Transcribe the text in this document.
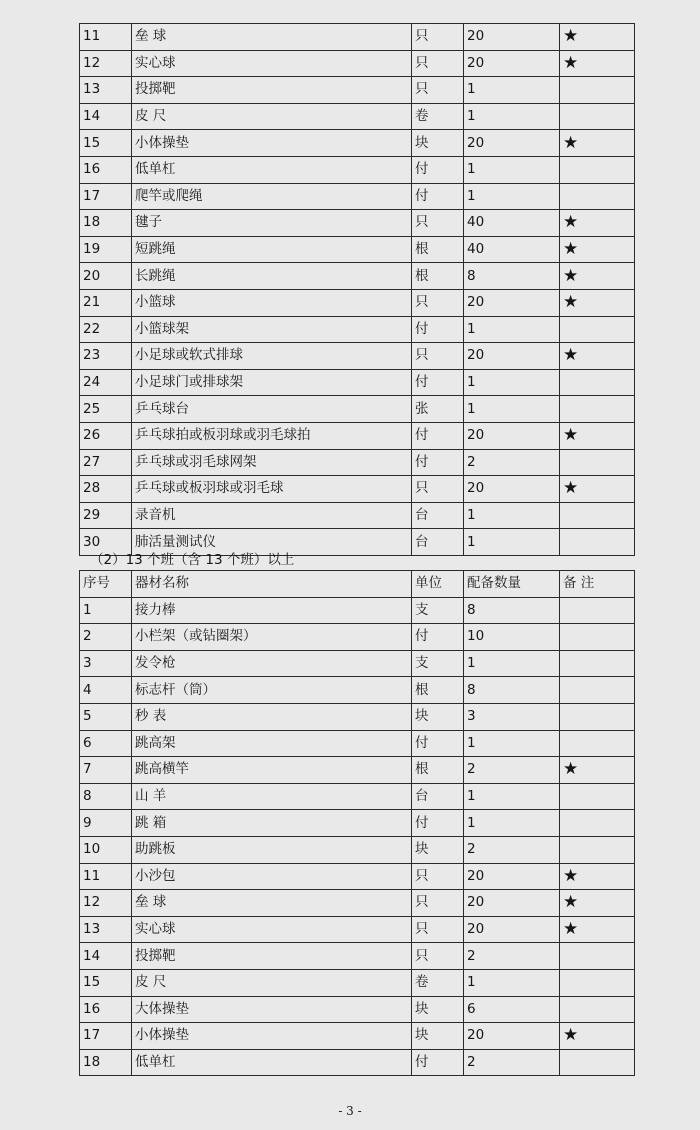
11	垒 球	只	20	★
12	实心球	只	20	★
13	投掷靶	只	1	
14	皮 尺	卷	1	
15	小体操垫	块	20	★
16	低单杠	付	1	
17	爬竿或爬绳	付	1	
18	毽子	只	40	★
19	短跳绳	根	40	★
20	长跳绳	根	8	★
21	小篮球	只	20	★
22	小篮球架	付	1	
23	小足球或软式排球	只	20	★
24	小足球门或排球架	付	1	
25	乒乓球台	张	1	
26	乒乓球拍或板羽球或羽毛球拍	付	20	★
27	乒乓球或羽毛球网架	付	2	
28	乒乓球或板羽球或羽毛球	只	20	★
29	录音机	台	1	
30	肺活量测试仪	台	1	
（2）13 个班（含 13 个班）以上
序号	器材名称	单位	配备数量	备 注
1	接力棒	支	8	
2	小栏架（或钻圈架）	付	10	
3	发令枪	支	1	
4	标志杆（筒）	根	8	
5	秒 表	块	3	
6	跳高架	付	1	
7	跳高横竿	根	2	★
8	山 羊	台	1	
9	跳 箱	付	1	
10	助跳板	块	2	
11	小沙包	只	20	★
12	垒 球	只	20	★
13	实心球	只	20	★
14	投掷靶	只	2	
15	皮 尺	卷	1	
16	大体操垫	块	6	
17	小体操垫	块	20	★
18	低单杠	付	2	
- 3 -
